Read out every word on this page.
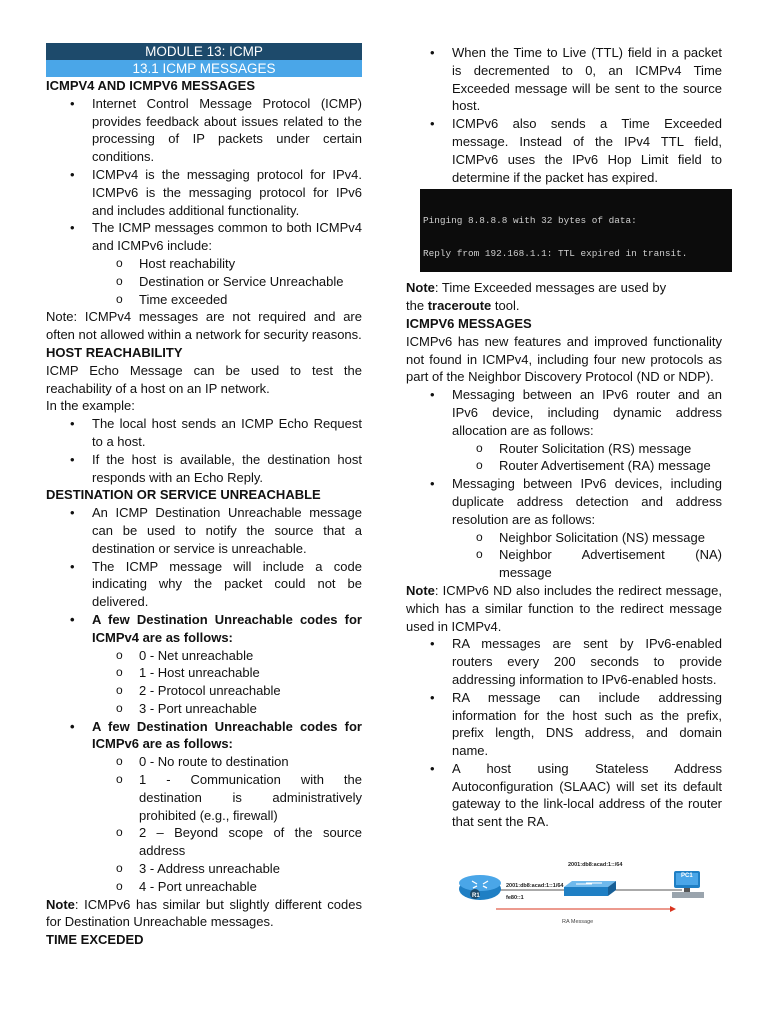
MODULE 13: ICMP
13.1 ICMP MESSAGES
ICMPV4 AND ICMPV6 MESSAGES
• Internet Control Message Protocol (ICMP) provides feedback about issues related to the processing of IP packets under certain conditions.
• ICMPv4 is the messaging protocol for IPv4. ICMPv6 is the messaging protocol for IPv6 and includes additional functionality.
• The ICMP messages common to both ICMPv4 and ICMPv6 include:
o Host reachability
o Destination or Service Unreachable
o Time exceeded

Note: ICMPv4 messages are not required and are often not allowed within a network for security reasons.

HOST REACHABILITY

ICMP Echo Message can be used to test the reachability of a host on an IP network.

In the example:

• The local host sends an ICMP Echo Request to a host.
• If the host is available, the destination host responds with an Echo Reply.
DESTINATION OR SERVICE UNREACHABLE
• An ICMP Destination Unreachable message can be used to notify the source that a destination or service is unreachable.
• The ICMP message will include a code indicating why the packet could not be delivered.
• A few Destination Unreachable codes for ICMPv4 are as follows:
o 0 - Net unreachable
o 1 - Host unreachable
o 2 - Protocol unreachable
o 3 - Port unreachable
• A few Destination Unreachable codes for ICMPv6 are as follows:
o 0 - No route to destination
o 1 - Communication with the destination is administratively prohibited (e.g., firewall)
o 2 – Beyond scope of the source address
o 3 - Address unreachable
o 4 - Port unreachable

Note: ICMPv6 has similar but slightly different codes for Destination Unreachable messages.

TIME EXCEDED
• When the Time to Live (TTL) field in a packet is decremented to 0, an ICMPv4 Time Exceeded message will be sent to the source host.
• ICMPv6 also sends a Time Exceeded message. Instead of the IPv4 TTL field, ICMPv6 uses the IPv6 Hop Limit field to determine if the packet has expired.

Pinging 8.8.8.8 with 32 bytes of data:

Reply from 192.168.1.1: TTL expired in transit.

Note: Time Exceeded messages are used by
the traceroute tool.

ICMPV6 MESSAGES

ICMPv6 has new features and improved functionality not found in ICMPv4, including four new protocols as part of the Neighbor Discovery Protocol (ND or NDP).

• Messaging between an IPv6 router and an IPv6 device, including dynamic address allocation are as follows:
o Router Solicitation (RS) message
o Router Advertisement (RA) message
• Messaging between IPv6 devices, including duplicate address detection and address resolution are as follows:
o Neighbor Solicitation (NS) message
o Neighbor Advertisement (NA) message

Note: ICMPv6 ND also includes the redirect message, which has a similar function to the redirect message used in ICMPv4.

• RA messages are sent by IPv6-enabled routers every 200 seconds to provide addressing information to IPv6-enabled hosts.
• RA message can include addressing information for the host such as the prefix, prefix length, DNS address, and domain name.
• A host using Stateless Address Autoconfiguration (SLAAC) will set its default gateway to the link-local address of the router that sent the RA.
2001:db8:acad:1::/64
2001:db8:acad:1::1/64
fe80::1
R1
PC1
RA Message
